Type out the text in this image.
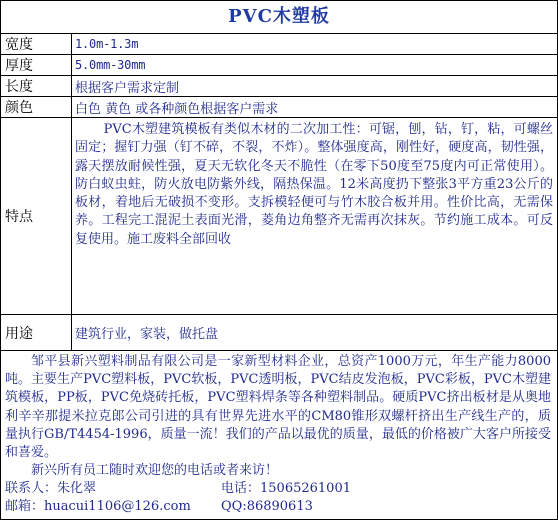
PVC木塑板
宽度	1.0m-1.3m
厚度	5.0mm-30mm
长度	根据客户需求定制
颜色	白色 黄色 或各种颜色根据客户需求
特点	PVC木塑建筑模板有类似木材的二次加工性：可锯，刨，钻，钉，粘，可螺丝固定；握钉力强（钉不碎，不裂，不炸）。整体强度高，刚性好，硬度高，韧性强，露天摆放耐候性强，夏天无软化冬天不脆性（在零下50度至75度内可正常使用）。防白蚁虫蛀，防火放电防紫外线，隔热保温。12米高度扔下整张3平方重23公斤的板材，着地后无破损不变形。支拆模轻便可与竹木胶合板并用。性价比高，无需保养。工程完工混泥土表面光滑，菱角边角整齐无需再次抹灰。节约施工成本。可反复使用。施工废料全部回收

用途	建筑行业，家装，做托盘

邹平县新兴塑料制品有限公司是一家新型材料企业，总资产1000万元，年生产能力8000吨。主要生产PVC塑料板，PVC软板，PVC透明板，PVC结皮发泡板，PVC彩板，PVC木塑建筑模板，PP板，PVC免烧砖托板，PVC塑料焊条等各种塑料制品。硬质PVC挤出板材是从奥地利辛辛那提米拉克郎公司引进的具有世界先进水平的CM80锥形双螺杆挤出生产线生产的，质量执行GB/T4454-1996，质量一流！我们的产品以最优的质量，最低的价格被广大客户所接受和喜爱。

新兴所有员工随时欢迎您的电话或者来访！

联系人：朱化翠	电话：15065261001
邮箱：huacui1106@126.com	QQ:86890613
